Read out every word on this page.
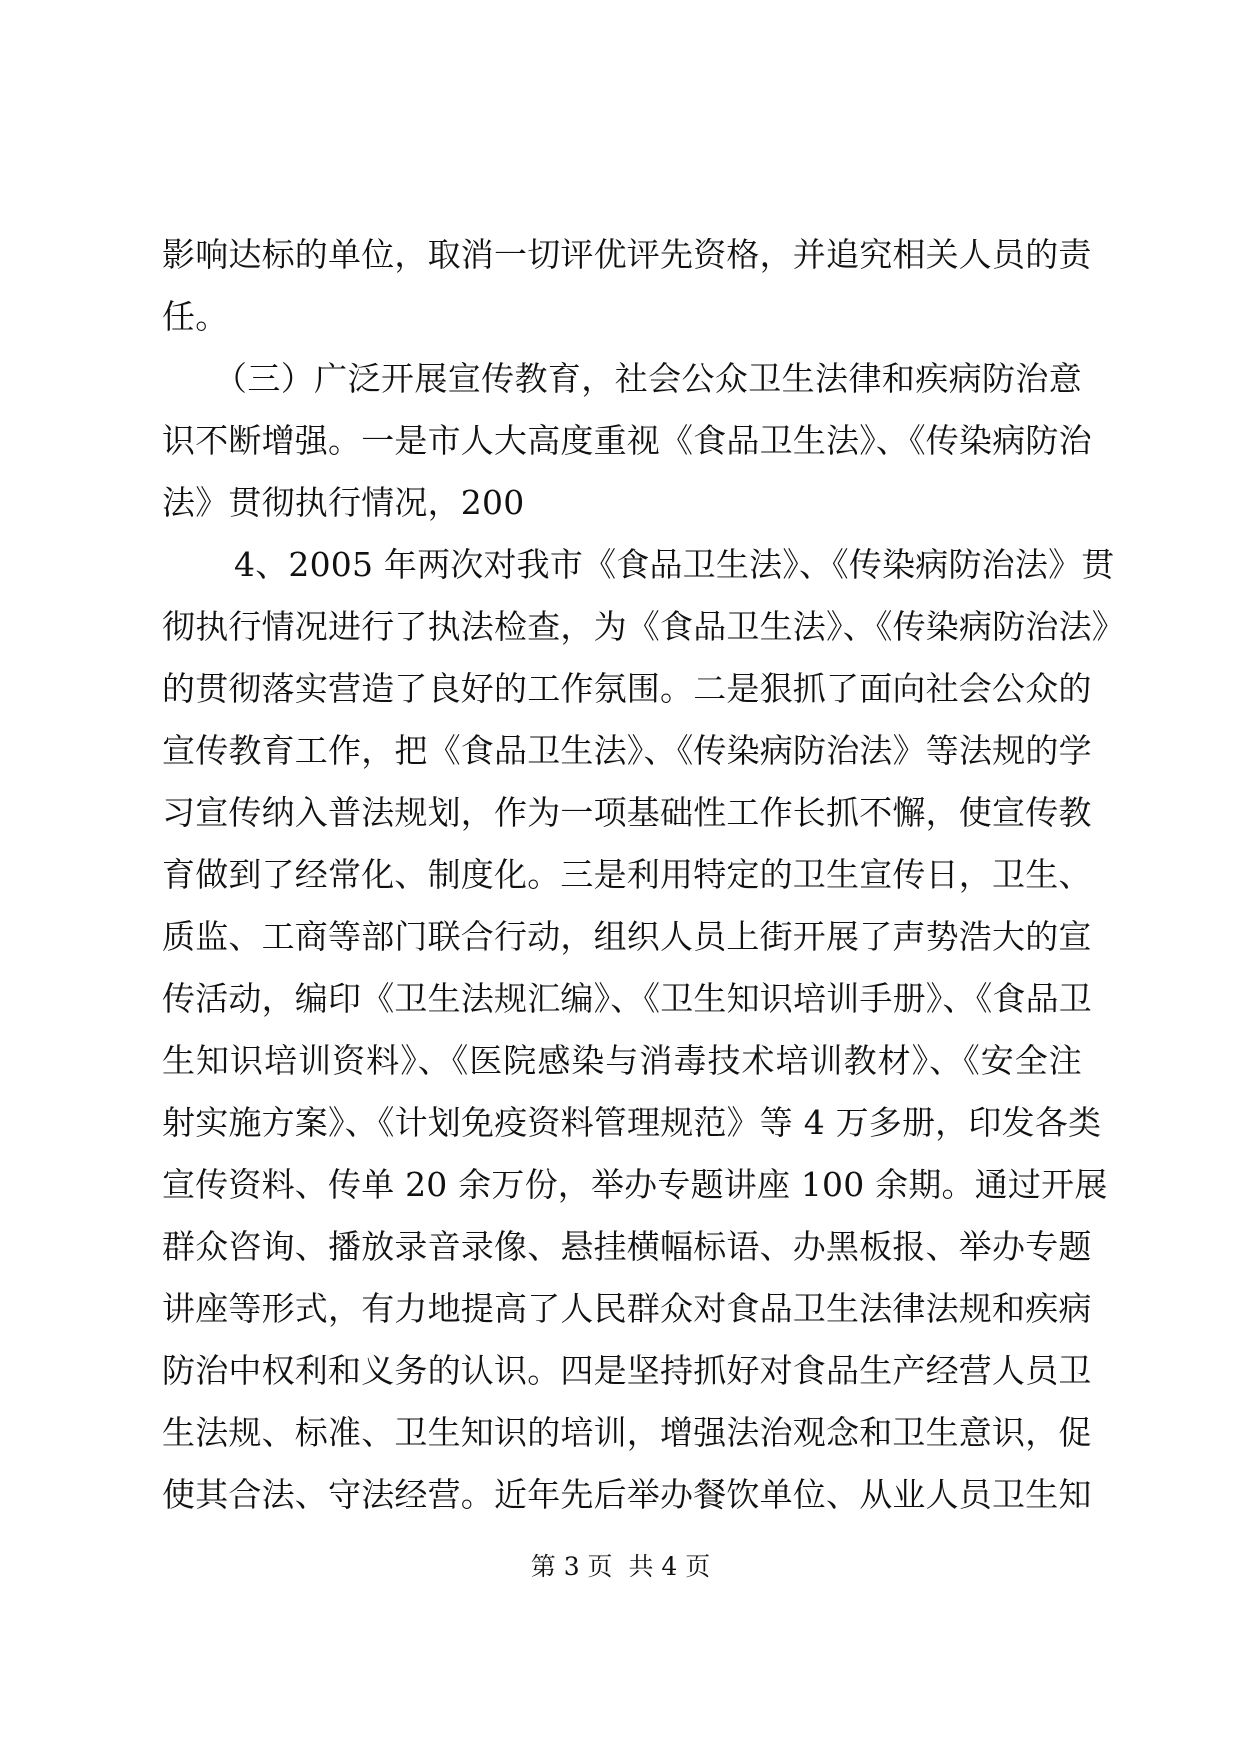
影响达标的单位，取消一切评优评先资格，并追究相关人员的责
任。
（三）广泛开展宣传教育，社会公众卫生法律和疾病防治意
识不断增强。一是市人大高度重视《食品卫生法》、《传染病防治
法》贯彻执行情况，200
4、2005 年两次对我市《食品卫生法》、《传染病防治法》贯
彻执行情况进行了执法检查，为《食品卫生法》、《传染病防治法》
的贯彻落实营造了良好的工作氛围。二是狠抓了面向社会公众的
宣传教育工作，把《食品卫生法》、《传染病防治法》等法规的学
习宣传纳入普法规划，作为一项基础性工作长抓不懈，使宣传教
育做到了经常化、制度化。三是利用特定的卫生宣传日，卫生、
质监、工商等部门联合行动，组织人员上街开展了声势浩大的宣
传活动，编印《卫生法规汇编》、《卫生知识培训手册》、《食品卫
生知识培训资料》、《医院感染与消毒技术培训教材》、《安全注
射实施方案》、《计划免疫资料管理规范》等 4 万多册，印发各类
宣传资料、传单 20 余万份，举办专题讲座 100 余期。通过开展
群众咨询、播放录音录像、悬挂横幅标语、办黑板报、举办专题
讲座等形式，有力地提高了人民群众对食品卫生法律法规和疾病
防治中权利和义务的认识。四是坚持抓好对食品生产经营人员卫
生法规、标准、卫生知识的培训，增强法治观念和卫生意识，促
使其合法、守法经营。近年先后举办餐饮单位、从业人员卫生知
第 3 页  共 4 页
